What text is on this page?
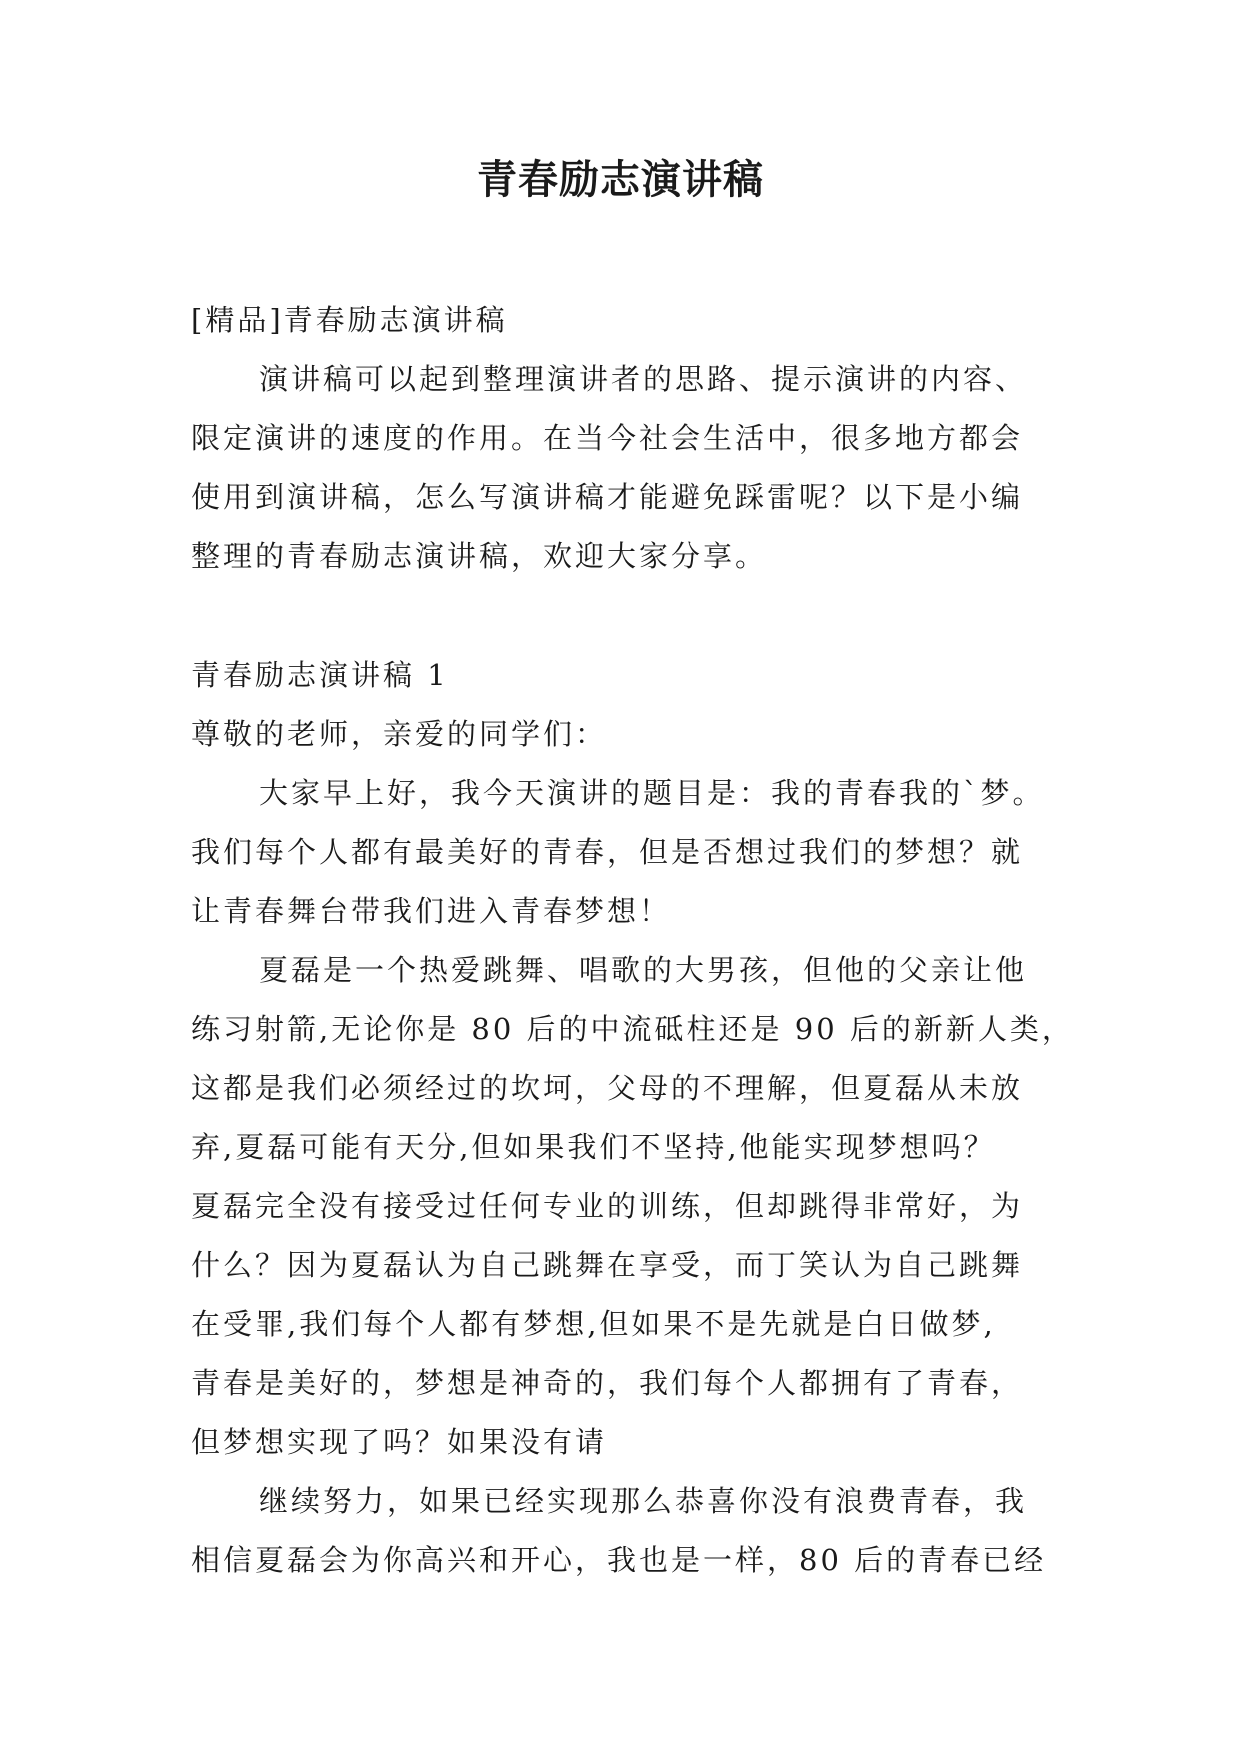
青春励志演讲稿
[精品]青春励志演讲稿
演讲稿可以起到整理演讲者的思路、提示演讲的内容、
限定演讲的速度的作用。在当今社会生活中，很多地方都会
使用到演讲稿，怎么写演讲稿才能避免踩雷呢？以下是小编
整理的青春励志演讲稿，欢迎大家分享。
青春励志演讲稿 1
尊敬的老师，亲爱的同学们：
大家早上好，我今天演讲的题目是：我的青春我的`梦。
我们每个人都有最美好的青春，但是否想过我们的梦想？就
让青春舞台带我们进入青春梦想！
夏磊是一个热爱跳舞、唱歌的大男孩，但他的父亲让他
练习射箭,无论你是 80 后的中流砥柱还是 90 后的新新人类，
这都是我们必须经过的坎坷，父母的不理解，但夏磊从未放
弃,夏磊可能有天分,但如果我们不坚持,他能实现梦想吗？
夏磊完全没有接受过任何专业的训练，但却跳得非常好，为
什么？因为夏磊认为自己跳舞在享受，而丁笑认为自己跳舞
在受罪,我们每个人都有梦想,但如果不是先就是白日做梦,
青春是美好的，梦想是神奇的，我们每个人都拥有了青春，
但梦想实现了吗？如果没有请
继续努力，如果已经实现那么恭喜你没有浪费青春，我
相信夏磊会为你高兴和开心，我也是一样，80 后的青春已经
